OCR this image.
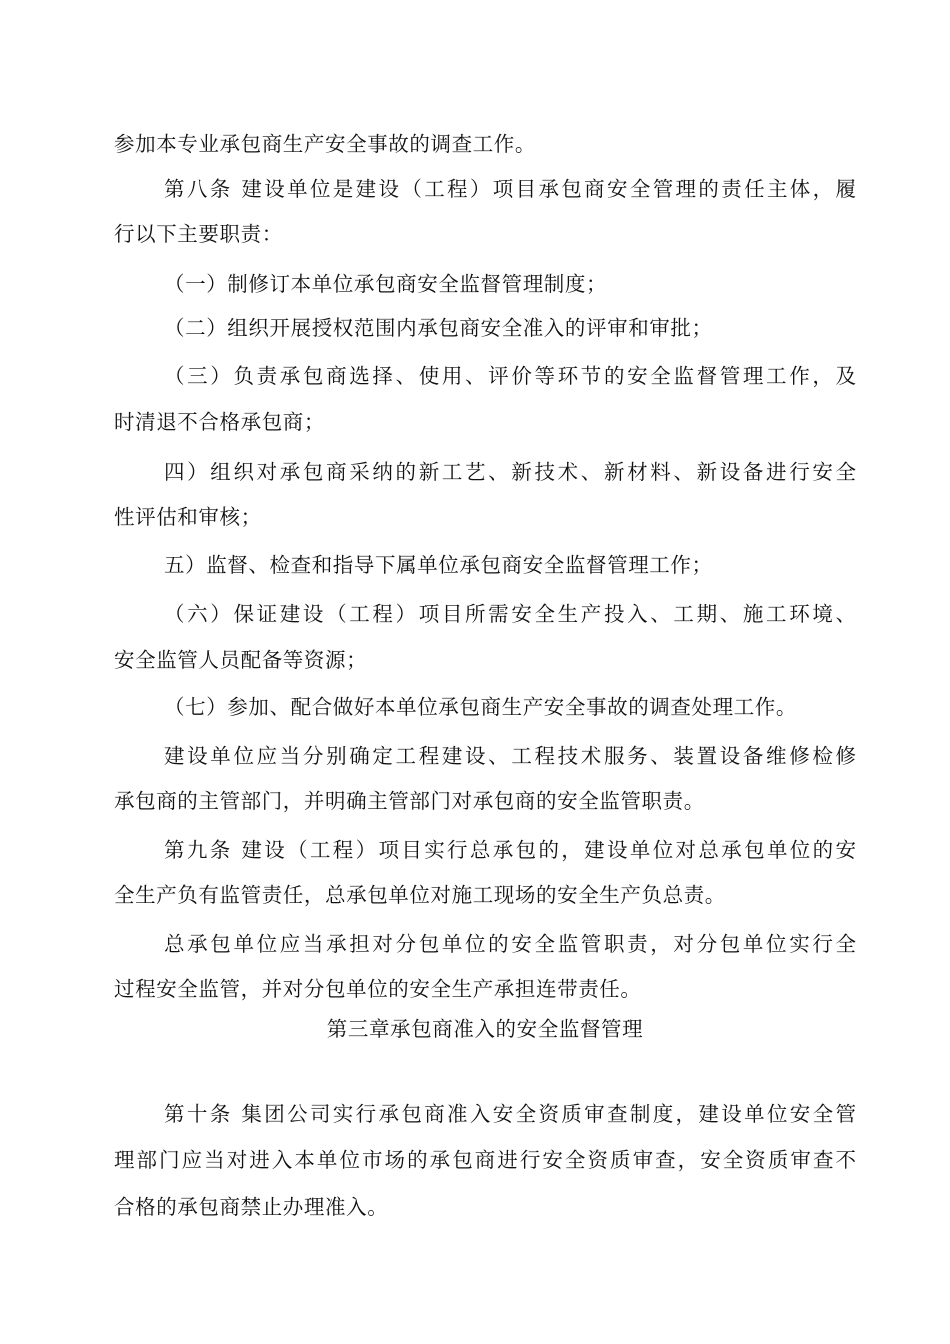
参加本专业承包商生产安全事故的调查工作。
第八条 建设单位是建设（工程）项目承包商安全管理的责任主体，履
行以下主要职责：
（一）制修订本单位承包商安全监督管理制度；
（二）组织开展授权范围内承包商安全准入的评审和审批；
（三）负责承包商选择、使用、评价等环节的安全监督管理工作，及
时清退不合格承包商；
四）组织对承包商采纳的新工艺、新技术、新材料、新设备进行安全
性评估和审核；
五）监督、检查和指导下属单位承包商安全监督管理工作；
（六）保证建设（工程）项目所需安全生产投入、工期、施工环境、
安全监管人员配备等资源；
（七）参加、配合做好本单位承包商生产安全事故的调查处理工作。
建设单位应当分别确定工程建设、工程技术服务、装置设备维修检修
承包商的主管部门，并明确主管部门对承包商的安全监管职责。
第九条 建设（工程）项目实行总承包的，建设单位对总承包单位的安
全生产负有监管责任，总承包单位对施工现场的安全生产负总责。
总承包单位应当承担对分包单位的安全监管职责，对分包单位实行全
过程安全监管，并对分包单位的安全生产承担连带责任。
第三章承包商准入的安全监督管理
第十条 集团公司实行承包商准入安全资质审查制度，建设单位安全管
理部门应当对进入本单位市场的承包商进行安全资质审查，安全资质审查不
合格的承包商禁止办理准入。
